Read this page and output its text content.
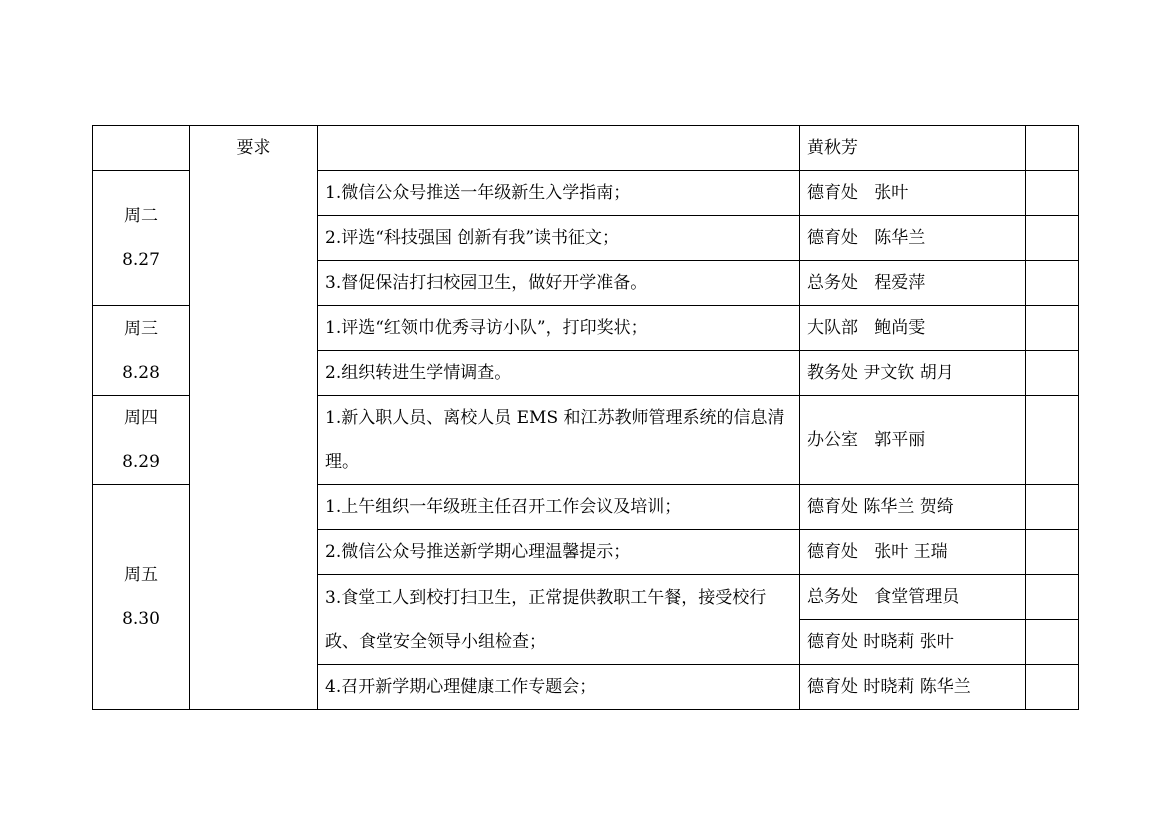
	要求		黄秋芳	

周二
8.27		1.微信公众号推送一年级新生入学指南；	德育处   张叶	
		2.评选“科技强国 创新有我”读书征文；	德育处   陈华兰	
		3.督促保洁打扫校园卫生，做好开学准备。	总务处   程爱萍	

周三
8.28		1.评选“红领巾优秀寻访小队”，打印奖状；	大队部   鲍尚雯	
		2.组织转进生学情调查。	教务处 尹文钦 胡月	

周四
8.29		1.新入职人员、离校人员 EMS 和江苏教师管理系统的信息清理。	办公室   郭平丽	

周五
8.30		1.上午组织一年级班主任召开工作会议及培训；	德育处 陈华兰 贺绮	
		2.微信公众号推送新学期心理温馨提示；	德育处   张叶 王瑞	
		3.食堂工人到校打扫卫生，正常提供教职工午餐，接受校行政、食堂安全领导小组检查；	总务处   食堂管理员	
			德育处 时晓莉 张叶	
		4.召开新学期心理健康工作专题会；	德育处 时晓莉 陈华兰	
